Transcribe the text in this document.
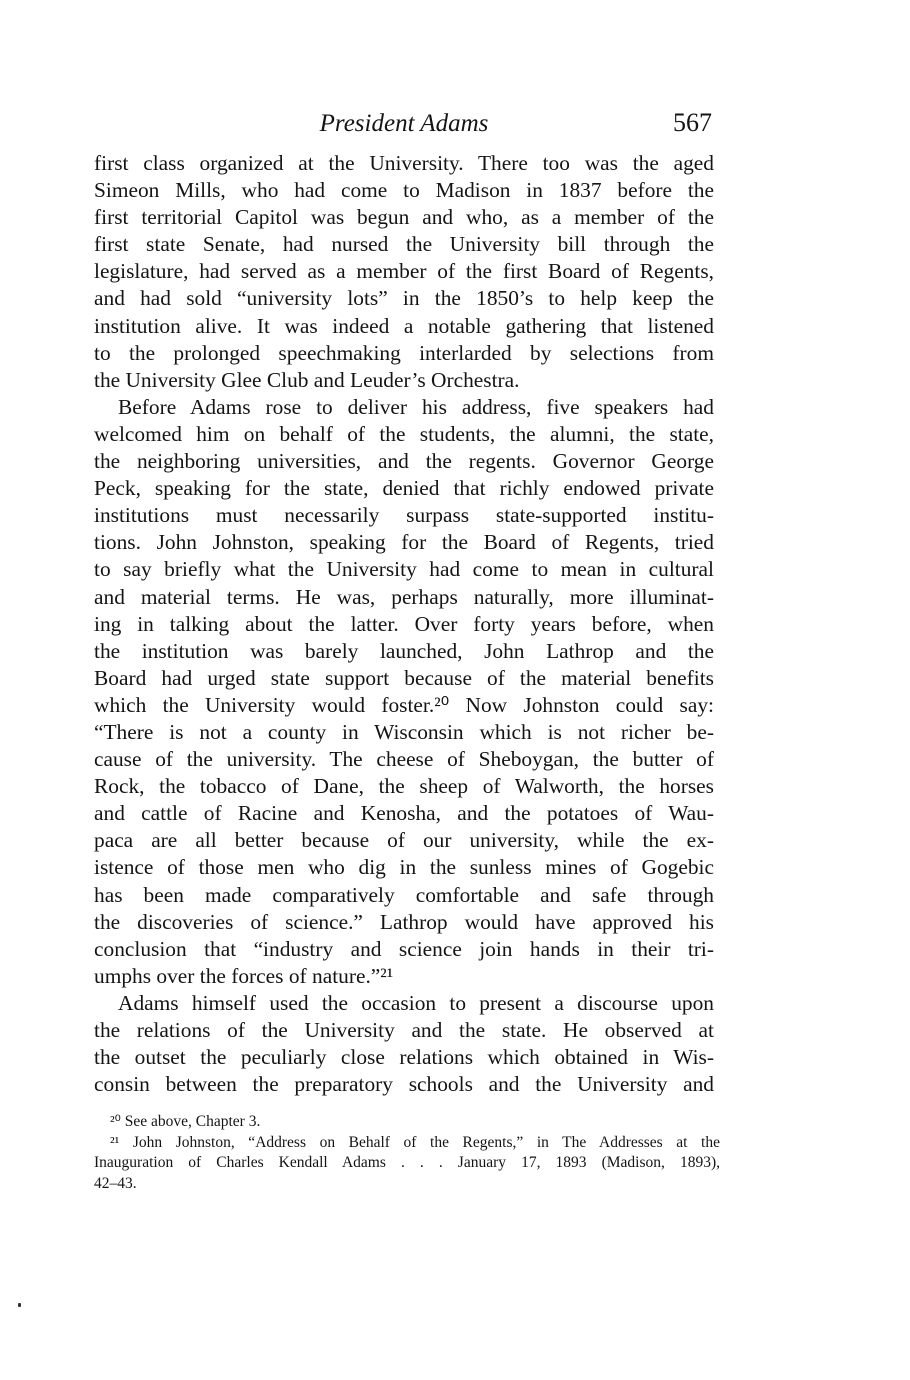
President Adams	567
first class organized at the University. There too was the aged
Simeon Mills, who had come to Madison in 1837 before the
first territorial Capitol was begun and who, as a member of the
first state Senate, had nursed the University bill through the
legislature, had served as a member of the first Board of Regents,
and had sold “university lots” in the 1850’s to help keep the
institution alive. It was indeed a notable gathering that listened
to the prolonged speechmaking interlarded by selections from
the University Glee Club and Leuder’s Orchestra.
Before Adams rose to deliver his address, five speakers had
welcomed him on behalf of the students, the alumni, the state,
the neighboring universities, and the regents. Governor George
Peck, speaking for the state, denied that richly endowed private
institutions must necessarily surpass state-supported institu-
tions. John Johnston, speaking for the Board of Regents, tried
to say briefly what the University had come to mean in cultural
and material terms. He was, perhaps naturally, more illuminat-
ing in talking about the latter. Over forty years before, when
the institution was barely launched, John Lathrop and the
Board had urged state support because of the material benefits
which the University would foster.²⁰ Now Johnston could say:
“There is not a county in Wisconsin which is not richer be-
cause of the university. The cheese of Sheboygan, the butter of
Rock, the tobacco of Dane, the sheep of Walworth, the horses
and cattle of Racine and Kenosha, and the potatoes of Wau-
paca are all better because of our university, while the ex-
istence of those men who dig in the sunless mines of Gogebic
has been made comparatively comfortable and safe through
the discoveries of science.” Lathrop would have approved his
conclusion that “industry and science join hands in their tri-
umphs over the forces of nature.”²¹
Adams himself used the occasion to present a discourse upon
the relations of the University and the state. He observed at
the outset the peculiarly close relations which obtained in Wis-
consin between the preparatory schools and the University and
²⁰ See above, Chapter 3.
²¹ John Johnston, “Address on Behalf of the Regents,” in The Addresses at the
Inauguration of Charles Kendall Adams . . . January 17, 1893 (Madison, 1893),
42–43.
